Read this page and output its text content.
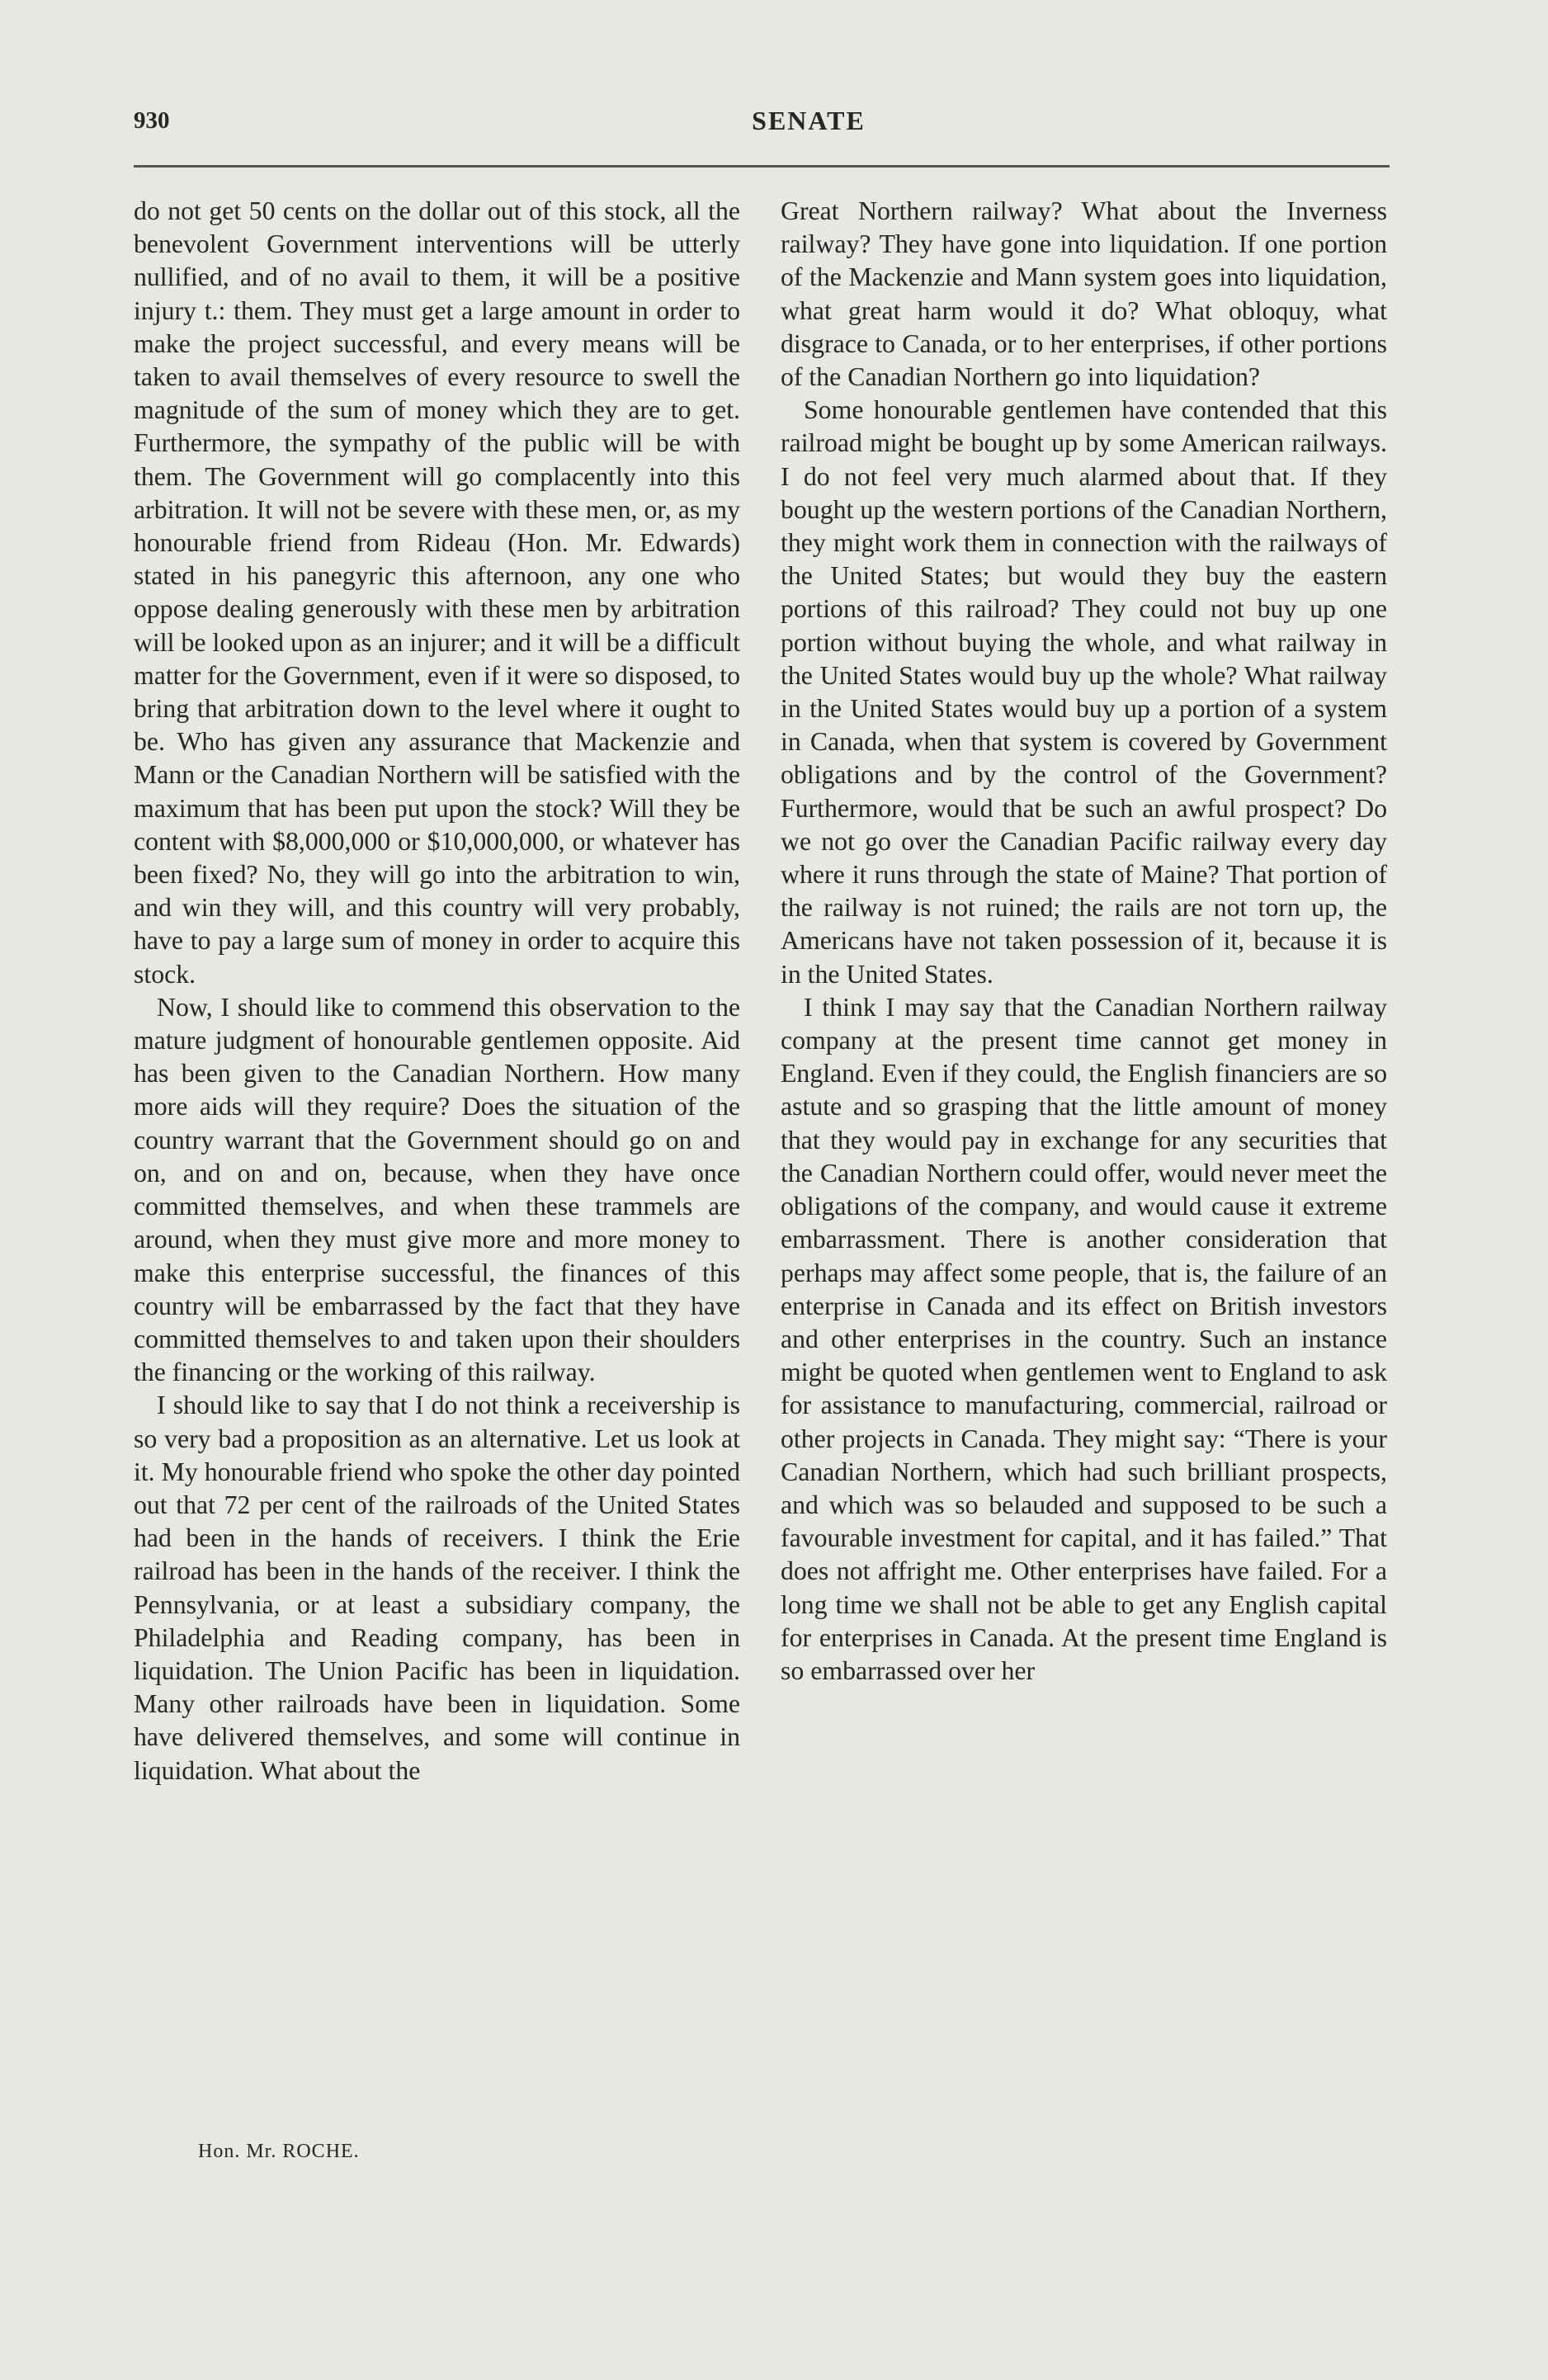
930	SENATE

do not get 50 cents on the dollar out of this stock, all the benevolent Government interventions will be utterly nullified, and of no avail to them, it will be a positive injury t.: them. They must get a large amount in order to make the project successful, and every means will be taken to avail themselves of every resource to swell the magnitude of the sum of money which they are to get. Furthermore, the sympathy of the public will be with them. The Government will go complacently into this arbitration. It will not be severe with these men, or, as my honourable friend from Rideau (Hon. Mr. Edwards) stated in his panegyric this afternoon, any one who oppose dealing generously with these men by arbitration will be looked upon as an injurer; and it will be a difficult matter for the Government, even if it were so disposed, to bring that arbitration down to the level where it ought to be. Who has given any assurance that Mackenzie and Mann or the Canadian Northern will be satisfied with the maximum that has been put upon the stock? Will they be content with $8,000,000 or $10,000,000, or whatever has been fixed? No, they will go into the arbitration to win, and win they will, and this country will very probably, have to pay a large sum of money in order to acquire this stock.

Now, I should like to commend this observation to the mature judgment of honourable gentlemen opposite. Aid has been given to the Canadian Northern. How many more aids will they require? Does the situation of the country warrant that the Government should go on and on, and on and on, because, when they have once committed themselves, and when these trammels are around, when they must give more and more money to make this enterprise successful, the finances of this country will be embarrassed by the fact that they have committed themselves to and taken upon their shoulders the financing or the working of this railway.

I should like to say that I do not think a receivership is so very bad a proposition as an alternative. Let us look at it. My honourable friend who spoke the other day pointed out that 72 per cent of the railroads of the United States had been in the hands of receivers. I think the Erie railroad has been in the hands of the receiver. I think the Pennsylvania, or at least a subsidiary company, the Philadelphia and Reading company, has been in liquidation. The Union Pacific has been in liquidation. Many other railroads have been in liquidation. Some have delivered themselves, and some will continue in liquidation. What about the

Great Northern railway? What about the Inverness railway? They have gone into liquidation. If one portion of the Mackenzie and Mann system goes into liquidation, what great harm would it do? What obloquy, what disgrace to Canada, or to her enterprises, if other portions of the Canadian Northern go into liquidation?

Some honourable gentlemen have contended that this railroad might be bought up by some American railways. I do not feel very much alarmed about that. If they bought up the western portions of the Canadian Northern, they might work them in connection with the railways of the United States; but would they buy the eastern portions of this railroad? They could not buy up one portion without buying the whole, and what railway in the United States would buy up the whole? What railway in the United States would buy up a portion of a system in Canada, when that system is covered by Government obligations and by the control of the Government? Furthermore, would that be such an awful prospect? Do we not go over the Canadian Pacific railway every day where it runs through the state of Maine? That portion of the railway is not ruined; the rails are not torn up, the Americans have not taken possession of it, because it is in the United States.

I think I may say that the Canadian Northern railway company at the present time cannot get money in England. Even if they could, the English financiers are so astute and so grasping that the little amount of money that they would pay in exchange for any securities that the Canadian Northern could offer, would never meet the obligations of the company, and would cause it extreme embarrassment. There is another consideration that perhaps may affect some people, that is, the failure of an enterprise in Canada and its effect on British investors and other enterprises in the country. Such an instance might be quoted when gentlemen went to England to ask for assistance to manufacturing, commercial, railroad or other projects in Canada. They might say: “There is your Canadian Northern, which had such brilliant prospects, and which was so belauded and supposed to be such a favourable investment for capital, and it has failed.” That does not affright me. Other enterprises have failed. For a long time we shall not be able to get any English capital for enterprises in Canada. At the present time England is so embarrassed over her

Hon. Mr. ROCHE.
